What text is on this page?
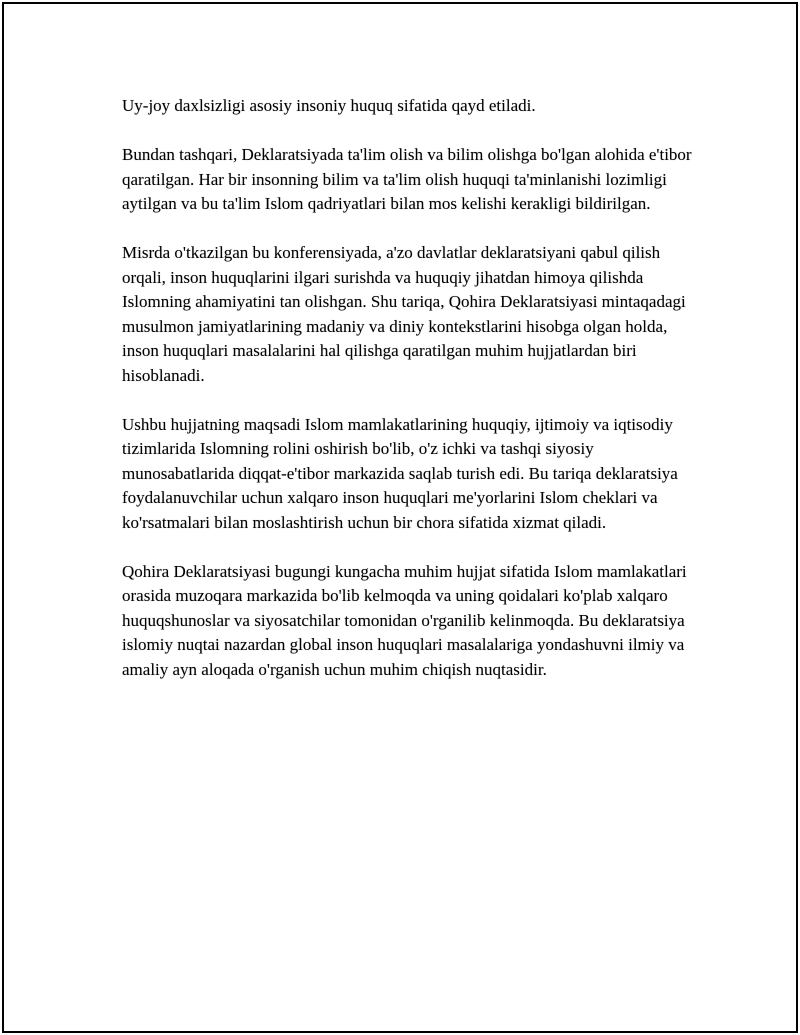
Uy-joy daxlsizligi asosiy insoniy huquq sifatida qayd etiladi.

Bundan tashqari, Deklaratsiyada ta'lim olish va bilim olishga bo'lgan alohida e'tibor qaratilgan. Har bir insonning bilim va ta'lim olish huquqi ta'minlanishi lozimligi aytilgan va bu ta'lim Islom qadriyatlari bilan mos kelishi kerakligi bildirilgan.

Misrda o'tkazilgan bu konferensiyada, a'zo davlatlar deklaratsiyani qabul qilish orqali, inson huquqlarini ilgari surishda va huquqiy jihatdan himoya qilishda Islomning ahamiyatini tan olishgan. Shu tariqa, Qohira Deklaratsiyasi mintaqadagi musulmon jamiyatlarining madaniy va diniy kontekstlarini hisobga olgan holda, inson huquqlari masalalarini hal qilishga qaratilgan muhim hujjatlardan biri hisoblanadi.

Ushbu hujjatning maqsadi Islom mamlakatlarining huquqiy, ijtimoiy va iqtisodiy tizimlarida Islomning rolini oshirish bo'lib, o'z ichki va tashqi siyosiy munosabatlarida diqqat-e'tibor markazida saqlab turish edi. Bu tariqa deklaratsiya foydalanuvchilar uchun xalqaro inson huquqlari me'yorlarini Islom cheklari va ko'rsatmalari bilan moslashtirish uchun bir chora sifatida xizmat qiladi.

Qohira Deklaratsiyasi bugungi kungacha muhim hujjat sifatida Islom mamlakatlari orasida muzoqara markazida bo'lib kelmoqda va uning qoidalari ko'plab xalqaro huquqshunoslar va siyosatchilar tomonidan o'rganilib kelinmoqda. Bu deklaratsiya islomiy nuqtai nazardan global inson huquqlari masalalariga yondashuvni ilmiy va amaliy ayn aloqada o'rganish uchun muhim chiqish nuqtasidir.
